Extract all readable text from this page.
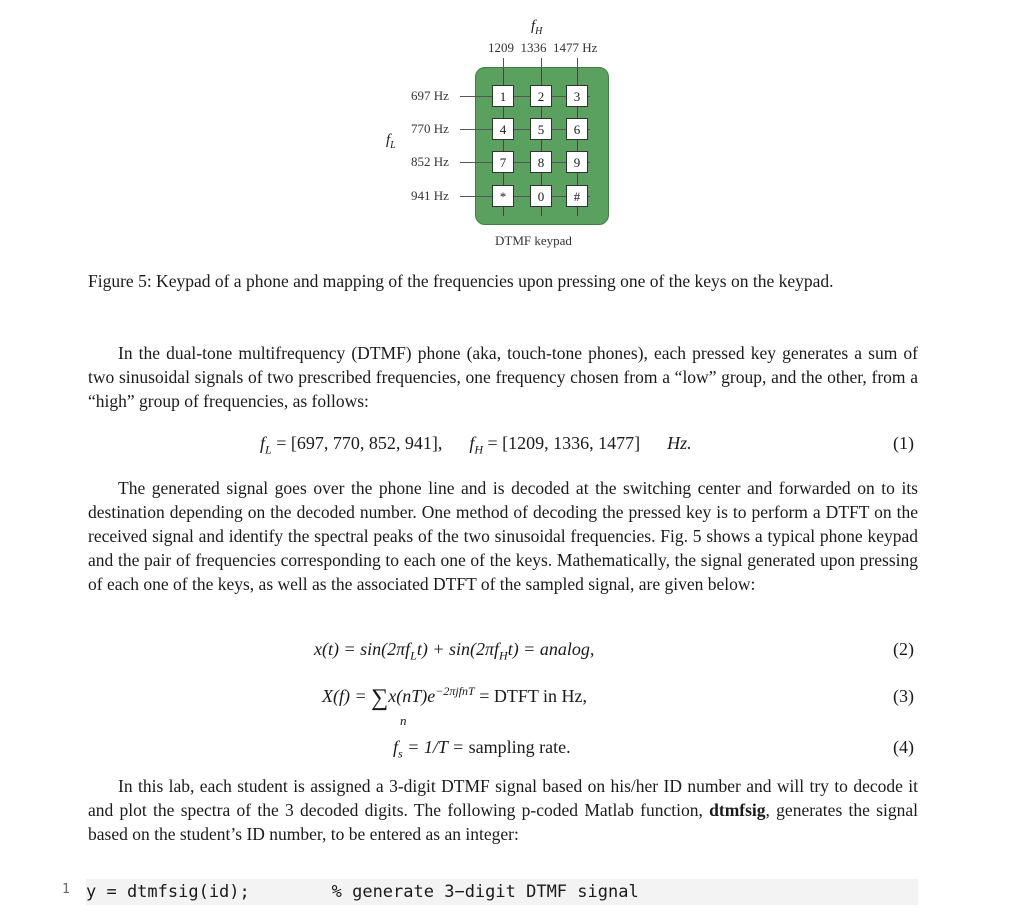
$f_H$
1209  1336  1477 Hz
697 Hz
770 Hz
852 Hz
941 Hz
$f_L$
1	2	3
4	5	6
7	8	9
*	0	#
DTMF keypad
Figure 5: Keypad of a phone and mapping of the frequencies upon pressing one of the keys on the keypad.
In the dual-tone multifrequency (DTMF) phone (aka, touch-tone phones), each pressed key generates a sum of two sinusoidal signals of two prescribed frequencies, one frequency chosen from a “low” group, and the other, from a “high” group of frequencies, as follows:
$f_L = [697$, 770, 852, 941], $f_H = [1209$, 1336, 1477] Hz.	(1)
The generated signal goes over the phone line and is decoded at the switching center and forwarded on to its destination depending on the decoded number. One method of decoding the pressed key is to perform a DTFT on the received signal and identify the spectral peaks of the two sinusoidal frequencies. Fig. 5 shows a typical phone keypad and the pair of frequencies corresponding to each one of the keys. Mathematically, the signal generated upon pressing of each one of the keys, as well as the associated DTFT of the sampled signal, are given below:
$x(t) = \sin(2\pi f_Lt) + \sin(2\pi f_Ht) = analog$,	(2)
$X(f) = \sum x(nT)e^{-2\pi jfnT}$ = DTFT in Hz,
n
(3)
$f_s = 1/T$ = sampling rate.	(4)
In this lab, each student is assigned a 3-digit DTMF signal based on his/her ID number and will try to decode it and plot the spectra of the 3 decoded digits. The following p-coded Matlab function, dtmfsig, generates the signal based on the student’s ID number, to be entered as an integer:
1 y = dtmfsig(id);        % generate 3−digit DTMF signal
